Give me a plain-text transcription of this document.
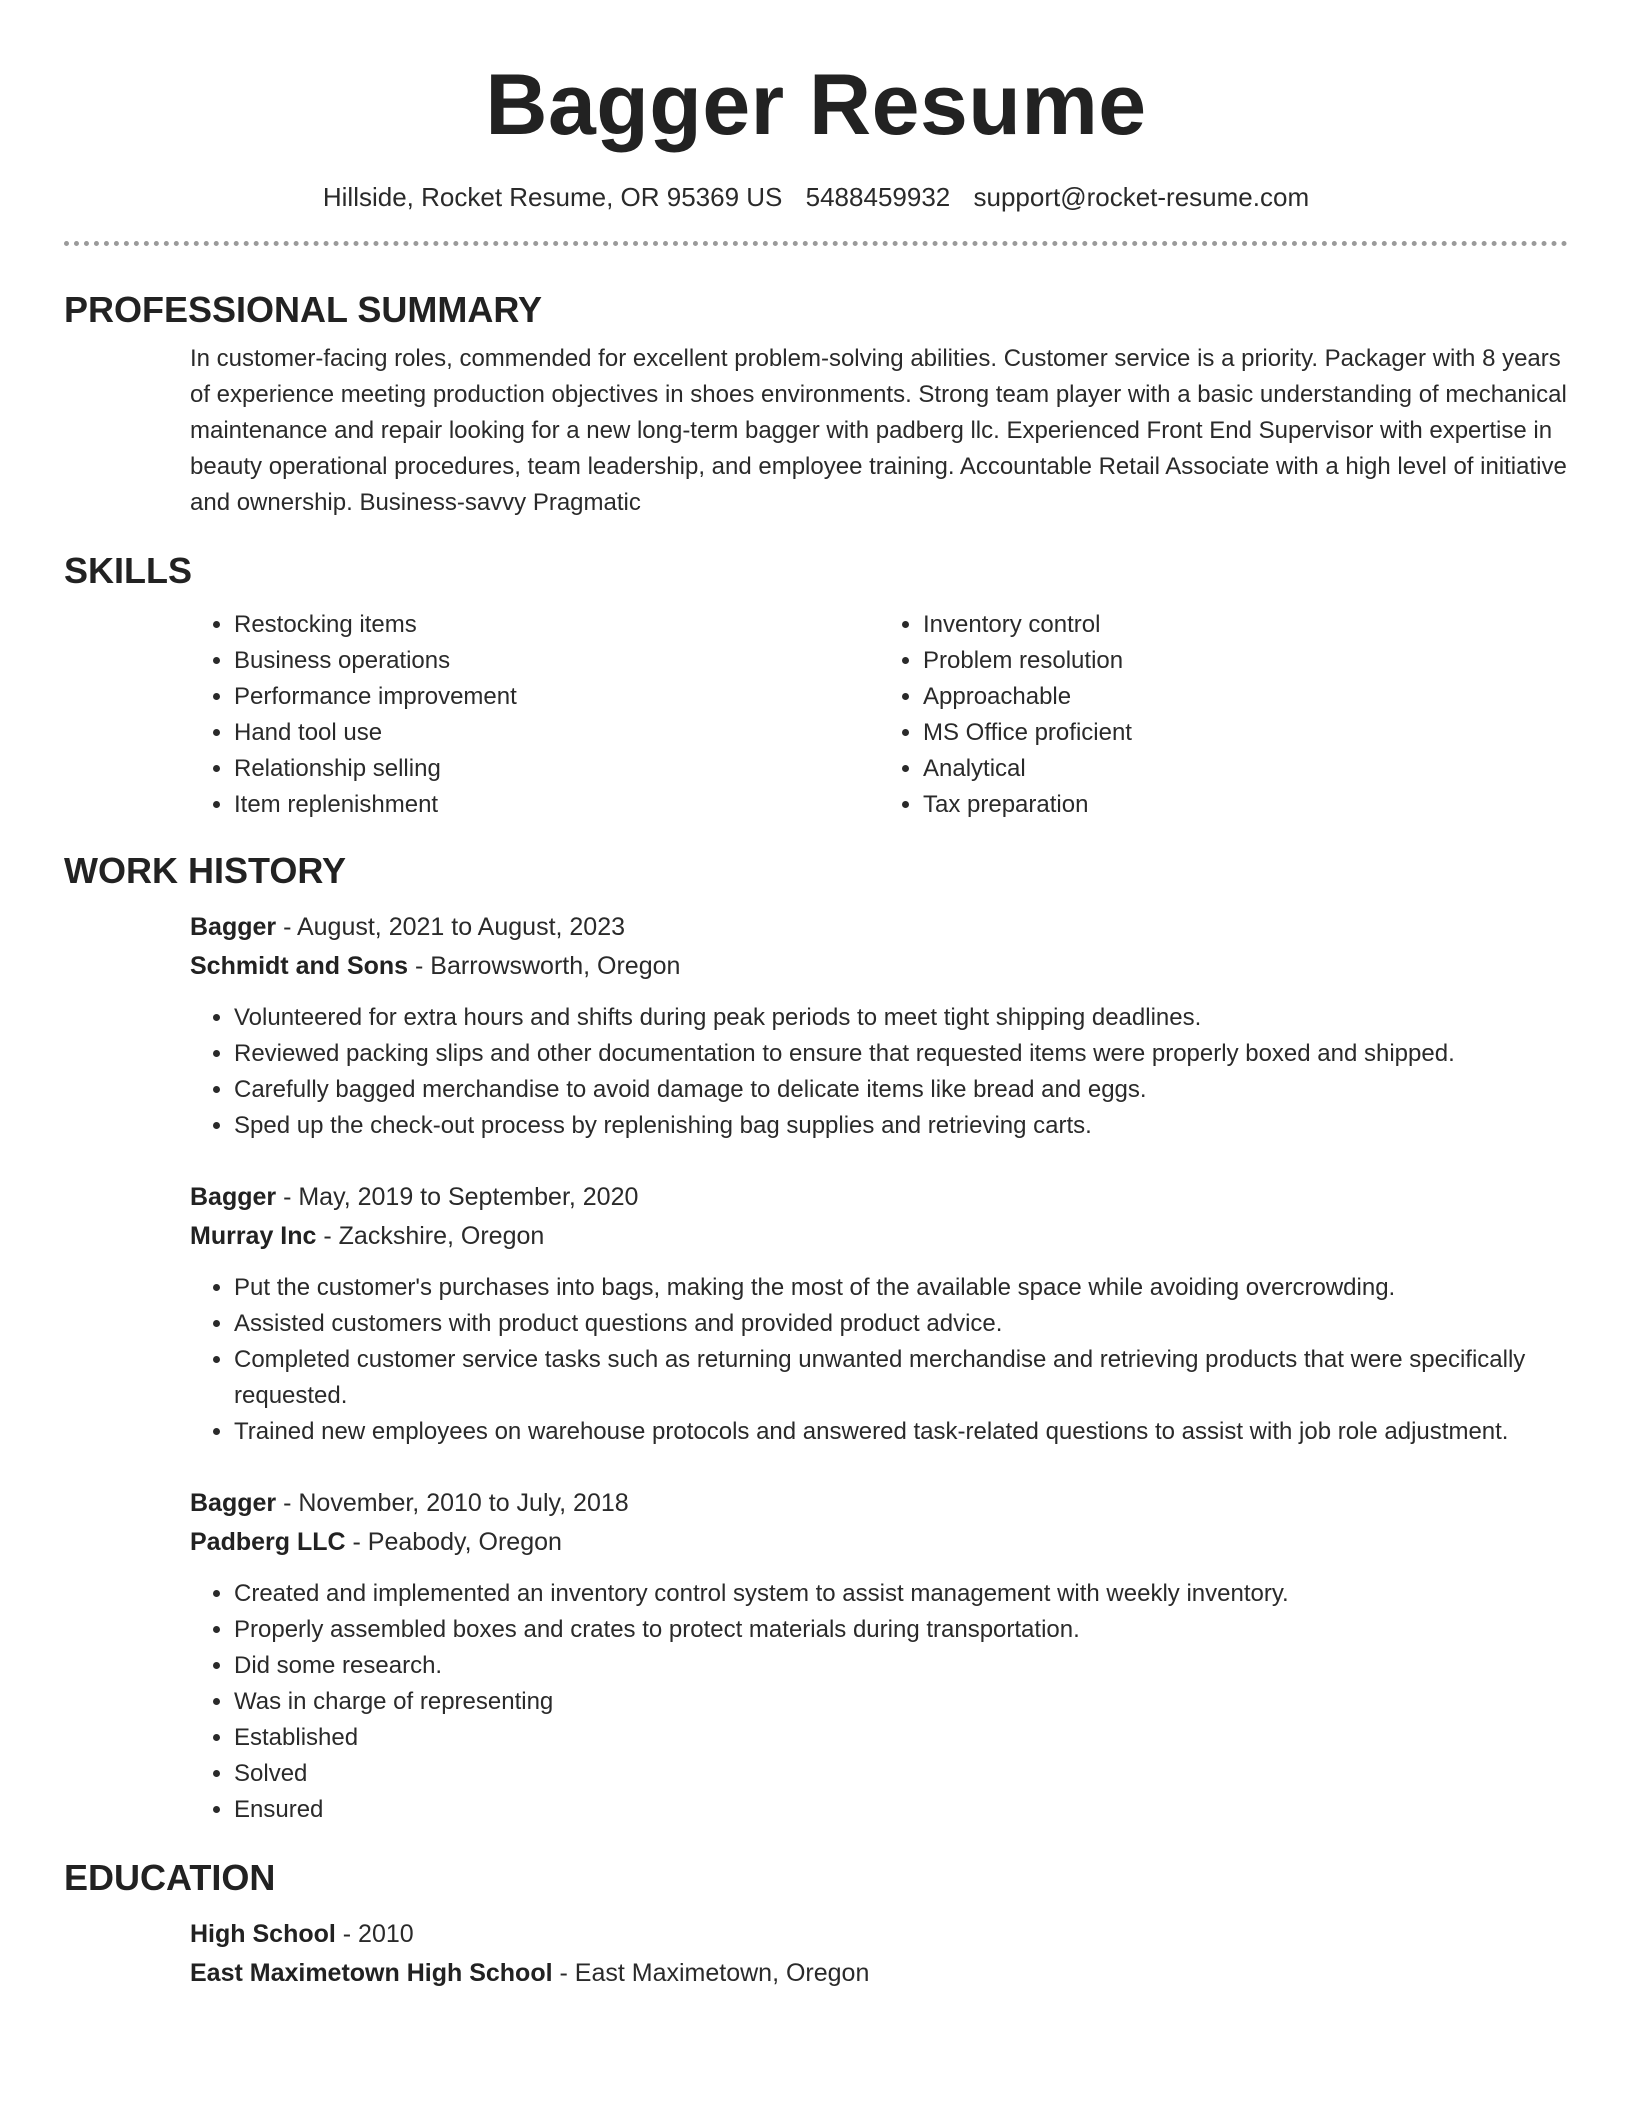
Bagger Resume
Hillside, Rocket Resume, OR 95369 US 5488459932 support@rocket-resume.com
PROFESSIONAL SUMMARY

In customer-facing roles, commended for excellent problem-solving abilities. Customer service is a priority. Packager with 8 years of experience meeting production objectives in shoes environments. Strong team player with a basic understanding of mechanical maintenance and repair looking for a new long-term bagger with padberg llc. Experienced Front End Supervisor with expertise in beauty operational procedures, team leadership, and employee training. Accountable Retail Associate with a high level of initiative and ownership. Business-savvy Pragmatic

SKILLS
• Restocking items
• Business operations
• Performance improvement
• Hand tool use
• Relationship selling
• Item replenishment
• Inventory control
• Problem resolution
• Approachable
• MS Office proficient
• Analytical
• Tax preparation
WORK HISTORY
Bagger - August, 2021 to August, 2023
Schmidt and Sons - Barrowsworth, Oregon
• Volunteered for extra hours and shifts during peak periods to meet tight shipping deadlines.
• Reviewed packing slips and other documentation to ensure that requested items were properly boxed and shipped.
• Carefully bagged merchandise to avoid damage to delicate items like bread and eggs.
• Sped up the check-out process by replenishing bag supplies and retrieving carts.
Bagger - May, 2019 to September, 2020
Murray Inc - Zackshire, Oregon
• Put the customer's purchases into bags, making the most of the available space while avoiding overcrowding.
• Assisted customers with product questions and provided product advice.
• Completed customer service tasks such as returning unwanted merchandise and retrieving products that were specifically requested.
• Trained new employees on warehouse protocols and answered task-related questions to assist with job role adjustment.
Bagger - November, 2010 to July, 2018
Padberg LLC - Peabody, Oregon
• Created and implemented an inventory control system to assist management with weekly inventory.
• Properly assembled boxes and crates to protect materials during transportation.
• Did some research.
• Was in charge of representing
• Established
• Solved
• Ensured
EDUCATION
High School - 2010
East Maximetown High School - East Maximetown, Oregon
